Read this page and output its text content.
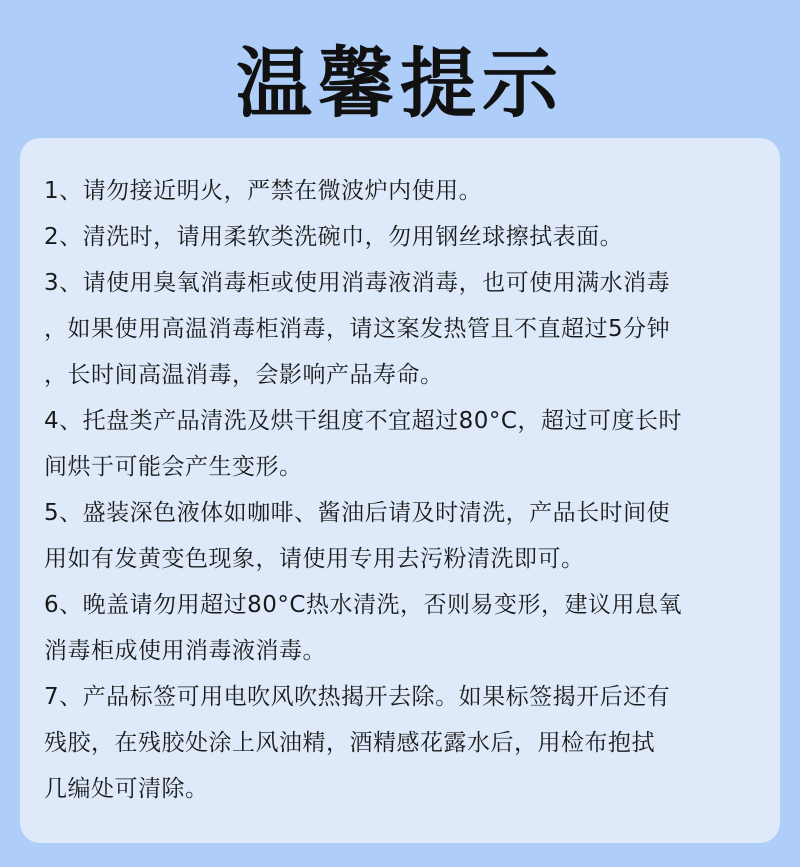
温馨提示
1、请勿接近明火，严禁在微波炉内使用。
2、清洗时，请用柔软类洗碗巾，勿用钢丝球擦拭表面。
3、请使用臭氧消毒柜或使用消毒液消毒，也可使用满水消毒
，如果使用高温消毒柜消毒，请这案发热管且不直超过5分钟
，长时间高温消毒，会影响产品寿命。
4、托盘类产品清洗及烘干组度不宜超过80°C，超过可度长时
间烘于可能会产生变形。
5、盛装深色液体如咖啡、酱油后请及时清洗，产品长时间使
用如有发黄变色现象，请使用专用去污粉清洗即可。
6、晚盖请勿用超过80°C热水清洗，否则易变形，建议用息氧
消毒柜成使用消毒液消毒。
7、产品标签可用电吹风吹热揭开去除。如果标签揭开后还有
残胶，在残胶处涂上风油精，酒精感花露水后，用检布抱拭
几编处可清除。
